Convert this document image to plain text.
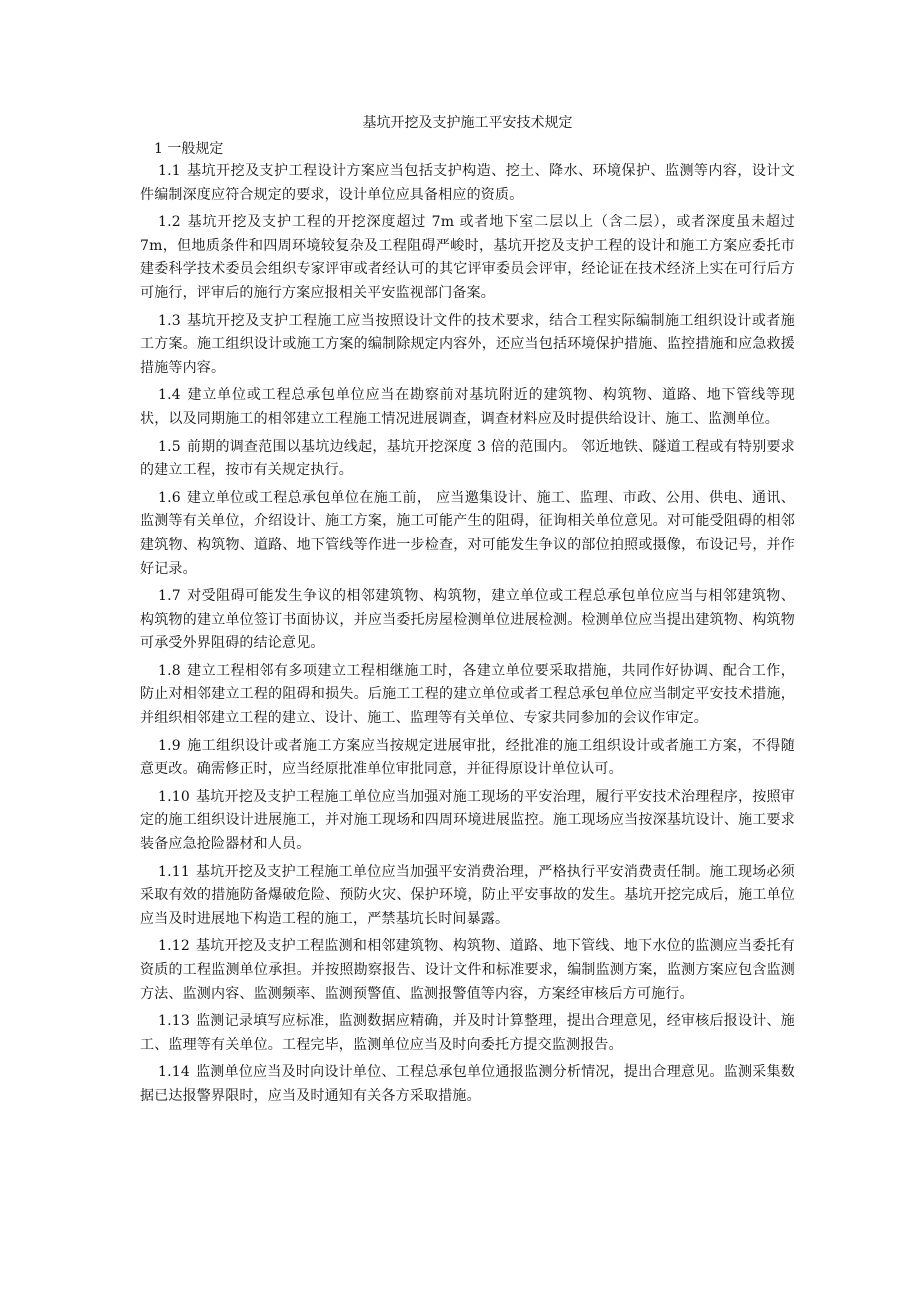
基坑开挖及支护施工平安技术规定
1 一般规定

1.1 基坑开挖及支护工程设计方案应当包括支护构造、挖土、降水、环境保护、监测等内容，设计文件编制深度应符合规定的要求，设计单位应具备相应的资质。

1.2 基坑开挖及支护工程的开挖深度超过 7m 或者地下室二层以上（含二层），或者深度虽未超过 7m，但地质条件和四周环境较复杂及工程阻碍严峻时，基坑开挖及支护工程的设计和施工方案应委托市建委科学技术委员会组织专家评审或者经认可的其它评审委员会评审，经论证在技术经济上实在可行后方可施行，评审后的施行方案应报相关平安监视部门备案。

1.3 基坑开挖及支护工程施工应当按照设计文件的技术要求，结合工程实际编制施工组织设计或者施工方案。施工组织设计或施工方案的编制除规定内容外，还应当包括环境保护措施、监控措施和应急救援措施等内容。

1.4 建立单位或工程总承包单位应当在勘察前对基坑附近的建筑物、构筑物、道路、地下管线等现状，以及同期施工的相邻建立工程施工情况进展调查，调查材料应及时提供给设计、施工、监测单位。

1.5 前期的调查范围以基坑边线起，基坑开挖深度 3 倍的范围内。 邻近地铁、隧道工程或有特别要求的建立工程，按市有关规定执行。

1.6 建立单位或工程总承包单位在施工前， 应当邀集设计、施工、监理、市政、公用、供电、通讯、监测等有关单位，介绍设计、施工方案，施工可能产生的阻碍，征询相关单位意见。对可能受阻碍的相邻建筑物、构筑物、道路、地下管线等作进一步检查，对可能发生争议的部位拍照或摄像，布设记号，并作好记录。

1.7 对受阻碍可能发生争议的相邻建筑物、构筑物，建立单位或工程总承包单位应当与相邻建筑物、构筑物的建立单位签订书面协议，并应当委托房屋检测单位进展检测。检测单位应当提出建筑物、构筑物可承受外界阻碍的结论意见。

1.8 建立工程相邻有多项建立工程相继施工时，各建立单位要采取措施，共同作好协调、配合工作，防止对相邻建立工程的阻碍和损失。后施工工程的建立单位或者工程总承包单位应当制定平安技术措施，并组织相邻建立工程的建立、设计、施工、监理等有关单位、专家共同参加的会议作审定。

1.9 施工组织设计或者施工方案应当按规定进展审批，经批准的施工组织设计或者施工方案，不得随意更改。确需修正时，应当经原批准单位审批同意，并征得原设计单位认可。

1.10 基坑开挖及支护工程施工单位应当加强对施工现场的平安治理，履行平安技术治理程序，按照审定的施工组织设计进展施工，并对施工现场和四周环境进展监控。施工现场应当按深基坑设计、施工要求装备应急抢险器材和人员。

1.11 基坑开挖及支护工程施工单位应当加强平安消费治理，严格执行平安消费责任制。施工现场必须采取有效的措施防备爆破危险、预防火灾、保护环境，防止平安事故的发生。基坑开挖完成后，施工单位应当及时进展地下构造工程的施工，严禁基坑长时间暴露。

1.12 基坑开挖及支护工程监测和相邻建筑物、构筑物、道路、地下管线、地下水位的监测应当委托有资质的工程监测单位承担。并按照勘察报告、设计文件和标准要求，编制监测方案，监测方案应包含监测方法、监测内容、监测频率、监测预警值、监测报警值等内容，方案经审核后方可施行。

1.13 监测记录填写应标准，监测数据应精确，并及时计算整理，提出合理意见，经审核后报设计、施工、监理等有关单位。工程完毕，监测单位应当及时向委托方提交监测报告。

1.14 监测单位应当及时向设计单位、工程总承包单位通报监测分析情况，提出合理意见。监测采集数据已达报警界限时，应当及时通知有关各方采取措施。
